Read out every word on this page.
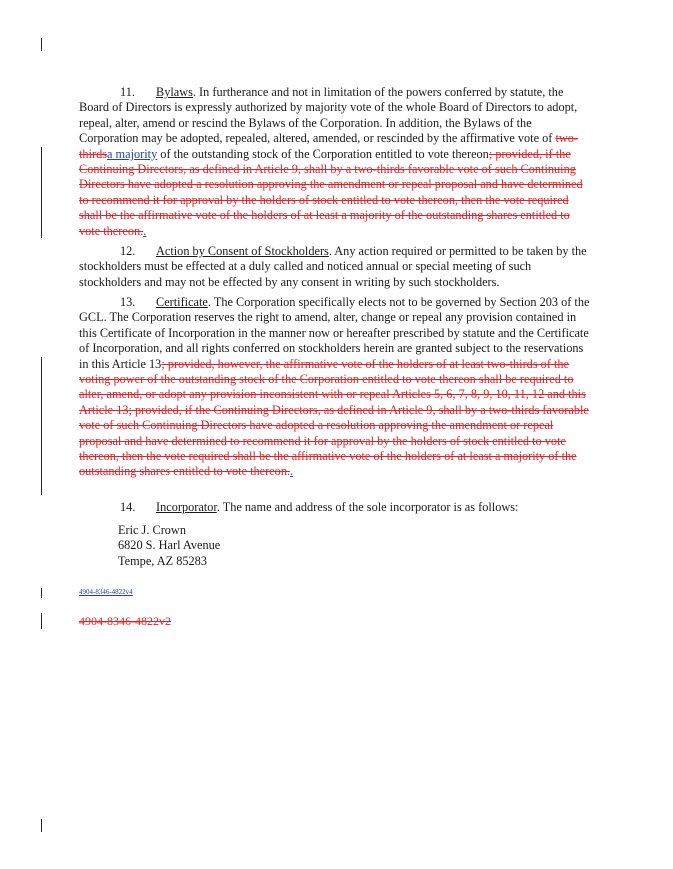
11. Bylaws. In furtherance and not in limitation of the powers conferred by statute, the Board of Directors is expressly authorized by majority vote of the whole Board of Directors to adopt, repeal, alter, amend or rescind the Bylaws of the Corporation. In addition, the Bylaws of the Corporation may be adopted, repealed, altered, amended, or rescinded by the affirmative vote of two-thirdsa majority of the outstanding stock of the Corporation entitled to vote thereon; provided, if the Continuing Directors, as defined in Article 9, shall by a two-thirds favorable vote of such Continuing Directors have adopted a resolution approving the amendment or repeal proposal and have determined to recommend it for approval by the holders of stock entitled to vote thereon, then the vote required shall be the affirmative vote of the holders of at least a majority of the outstanding shares entitled to vote thereon..

12. Action by Consent of Stockholders. Any action required or permitted to be taken by the stockholders must be effected at a duly called and noticed annual or special meeting of such stockholders and may not be effected by any consent in writing by such stockholders.

13. Certificate. The Corporation specifically elects not to be governed by Section 203 of the GCL. The Corporation reserves the right to amend, alter, change or repeal any provision contained in this Certificate of Incorporation in the manner now or hereafter prescribed by statute and the Certificate of Incorporation, and all rights conferred on stockholders herein are granted subject to the reservations in this Article 13; provided, however, the affirmative vote of the holders of at least two-thirds of the voting power of the outstanding stock of the Corporation entitled to vote thereon shall be required to alter, amend, or adopt any provision inconsistent with or repeal Articles 5, 6, 7, 8, 9, 10, 11, 12 and this Article 13; provided, if the Continuing Directors, as defined in Article 9, shall by a two-thirds favorable vote of such Continuing Directors have adopted a resolution approving the amendment or repeal proposal and have determined to recommend it for approval by the holders of stock entitled to vote thereon, then the vote required shall be the affirmative vote of the holders of at least a majority of the outstanding shares entitled to vote thereon..

14. Incorporator. The name and address of the sole incorporator is as follows:

Eric J. Crown
6820 S. Harl Avenue
Tempe, AZ 85283
4904-8346-4822v4
4904-8346-4822v2
